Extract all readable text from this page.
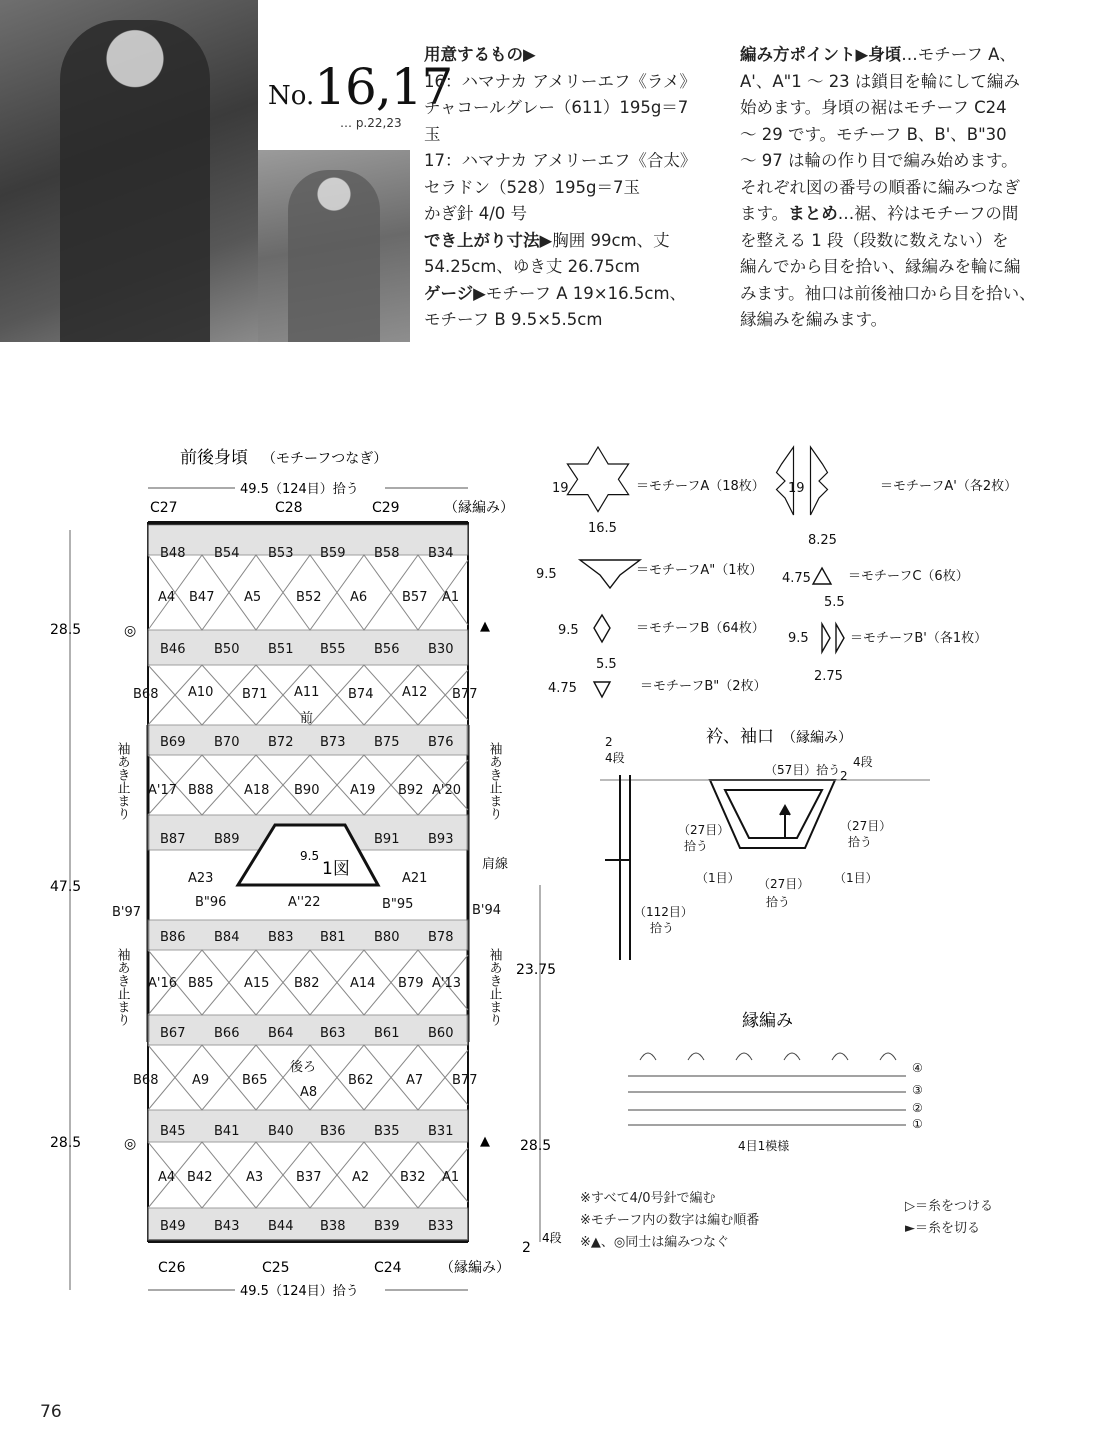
No.16,17
… p.22,23
用意するもの▶
16：ハマナカ アメリーエフ《ラメ》
チャコールグレー（611）195g＝7
玉
17：ハマナカ アメリーエフ《合太》
セラドン（528）195g＝7玉
かぎ針 4/0 号
でき上がり寸法▶胸囲 99cm、丈
54.25cm、ゆき丈 26.75cm
ゲージ▶モチーフ A 19×16.5cm、
モチーフ B 9.5×5.5cm
編み方ポイント▶身頃…モチーフ A、
A'、A"1 ～ 23 は鎖目を輪にして編み
始めます。身頃の裾はモチーフ C24
～ 29 です。モチーフ B、B'、B"30
～ 97 は輪の作り目で編み始めます。
それぞれ図の番号の順番に編みつなぎ
ます。まとめ…裾、衿はモチーフの間
を整える 1 段（段数に数えない）を
編んでから目を拾い、縁編みを輪に編
みます。袖口は前後袖口から目を拾い、
縁編みを編みます。
前後身頃 （モチーフつなぎ）
49.5（124目）拾う
C27	C28	C29	（縁編み）
9.5
1図
B48 B54 B53 B59 B58 B34
A4 B47 A5	B52 A6	B57 A1
B46 B50 B51 B55 B56 B30
B68 A10 B71 A11 B74 A12 B77
前
B69 B70 B72 B73 B75 B76
A'17 B88 A18 B90 A19 B92 A'20
B87 B89	B91 B93
A23	A21
B"96	A''22	B"95
B'97	B'94
B86 B84 B83 B81 B80 B78
A'16 B85 A15 B82 A14 B79 A'13
B67 B66 B64 B63 B61 B60
後ろ
B68	A9	B65
A8
B62	A7 B77
B45 B41 B40 B36 B35 B31
A4 B42	A3	B37 A2 B32 A1
B49 B43 B44 B38 B39 B33
28.5
47.5
28.5
◎
◎
▲
▲
袖あき止まり	袖あき止まり
袖あき止まり	袖あき止まり
肩線
23.75
28.5
2
4段
C26	C25	C24	（縁編み）
49.5（124目）拾う
19
16.5
＝モチーフA（18枚） 19
8.25
＝モチーフA'（各2枚）
9.5	＝モチーフA"（1枚）
4.75
5.5
＝モチーフC（6枚）
9.5	＝モチーフB（64枚）
9.5
2.75
＝モチーフB'（各1枚）
4.75
5.5
＝モチーフB"（2枚）
衿、袖口 （縁編み）
2
4段
（57目）拾う 2
4段
（27目）
拾う
（27目）
拾う
（1目）	（1目）
（27目）
拾う
（112目）
拾う
縁編み
④
③
②
①
4目1模様
※すべて4/0号針で編む
※モチーフ内の数字は編む順番
※▲、◎同士は編みつなぐ
▷＝糸をつける
►＝糸を切る
76
